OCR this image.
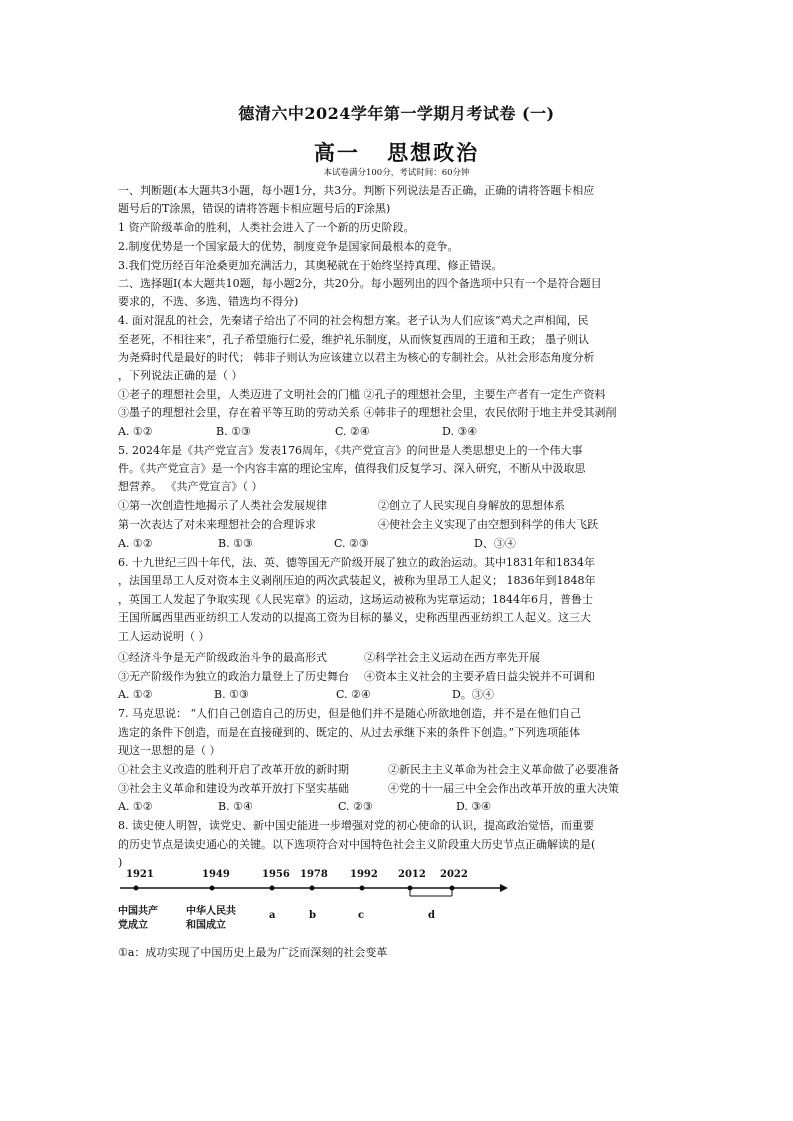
德清六中2024学年第一学期月考试卷 (一)
高一 思想政治
本试卷满分100分，考试时间：60分钟
一、判断题(本大题共3小题，每小题1分，共3分。判断下列说法是否正确，正确的请将答题卡相应
题号后的T涂黑，错误的请将答题卡相应题号后的F涂黑)
1 资产阶级革命的胜利，人类社会进入了一个新的历史阶段。
2.制度优势是一个国家最大的优势，制度竞争是国家间最根本的竞争。
3.我们党历经百年沧桑更加充满活力，其奥秘就在于始终坚持真理、修正错误。
二、选择题Ⅰ(本大题共10题，每小题2分，共20分。每小题列出的四个备选项中只有一个是符合题目
要求的，不选、多选、错选均不得分)
4. 面对混乱的社会，先秦诸子给出了不同的社会构想方案。老子认为人们应该“鸡犬之声相闻，民
至老死，不相往来”，孔子希望施行仁爱，维护礼乐制度，从而恢复西周的王道和王政； 墨子则认
为尧舜时代是最好的时代； 韩非子则认为应该建立以君主为核心的专制社会。从社会形态角度分析
，下列说法正确的是（ ）
①老子的理想社会里，人类迈进了文明社会的门槛 ②孔子的理想社会里，主要生产者有一定生产资料
③墨子的理想社会里，存在着平等互助的劳动关系 ④韩非子的理想社会里，农民依附于地主并受其剥削
A. ①②	B. ①③	C. ②④	D. ③④
5. 2024年是《共产党宣言》发表176周年，《共产党宣言》的问世是人类思想史上的一个伟大事
件。《共产党宣言》是一个内容丰富的理论宝库，值得我们反复学习、深入研究，不断从中汲取思
想营养。 《共产党宣言》（ ）
①第一次创造性地揭示了人类社会发展规律	②创立了人民实现自身解放的思想体系
第一次表达了对未来理想社会的合理诉求	④使社会主义实现了由空想到科学的伟大飞跃
A. ①②	B. ①③	C. ②③	D、③④
6. 十九世纪三四十年代，法、英、德等国无产阶级开展了独立的政治运动。其中1831年和1834年
，法国里昂工人反对资本主义剥削压迫的两次武装起义，被称为里昂工人起义； 1836年到1848年
，英国工人发起了争取实现《人民宪章》的运动，这场运动被称为宪章运动；1844年6月，普鲁士
王国所属西里西亚纺织工人发动的以提高工资为目标的暴义，史称西里西亚纺织工人起义。这三大
工人运动说明（ ）
①经济斗争是无产阶级政治斗争的最高形式	②科学社会主义运动在西方率先开展
③无产阶级作为独立的政治力量登上了历史舞台 ④资本主义社会的主要矛盾日益尖锐并不可调和
A. ①②	B. ①③	C. ②④	D。③④
7. 马克思说： “人们自己创造自己的历史，但是他们并不是随心所欲地创造，并不是在他们自己
选定的条件下创造，而是在直接碰到的、既定的、从过去承继下来的条件下创造。”下列选项能体
现这一思想的是（ ）
①社会主义改造的胜利开启了改革开放的新时期	②新民主主义革命为社会主义革命做了必要准备
③社会主义革命和建设为改革开放打下坚实基础	④党的十一届三中全会作出改革开放的重大决策
A. ①②	B. ①④	C. ②③	D. ③④
8. 读史使人明智，读党史、新中国史能进一步增强对党的初心使命的认识，提高政治觉悟，而重要
的历史节点是读史通心的关键。以下选项符合对中国特色社会主义阶段重大历史节点正确解读的是(
)
1921	1949	1956 1978 1992 2012 2022
中国共产
党成立
中华人民共
和国成立
a	b	c	d
①a：成功实现了中国历史上最为广泛而深刻的社会变革
